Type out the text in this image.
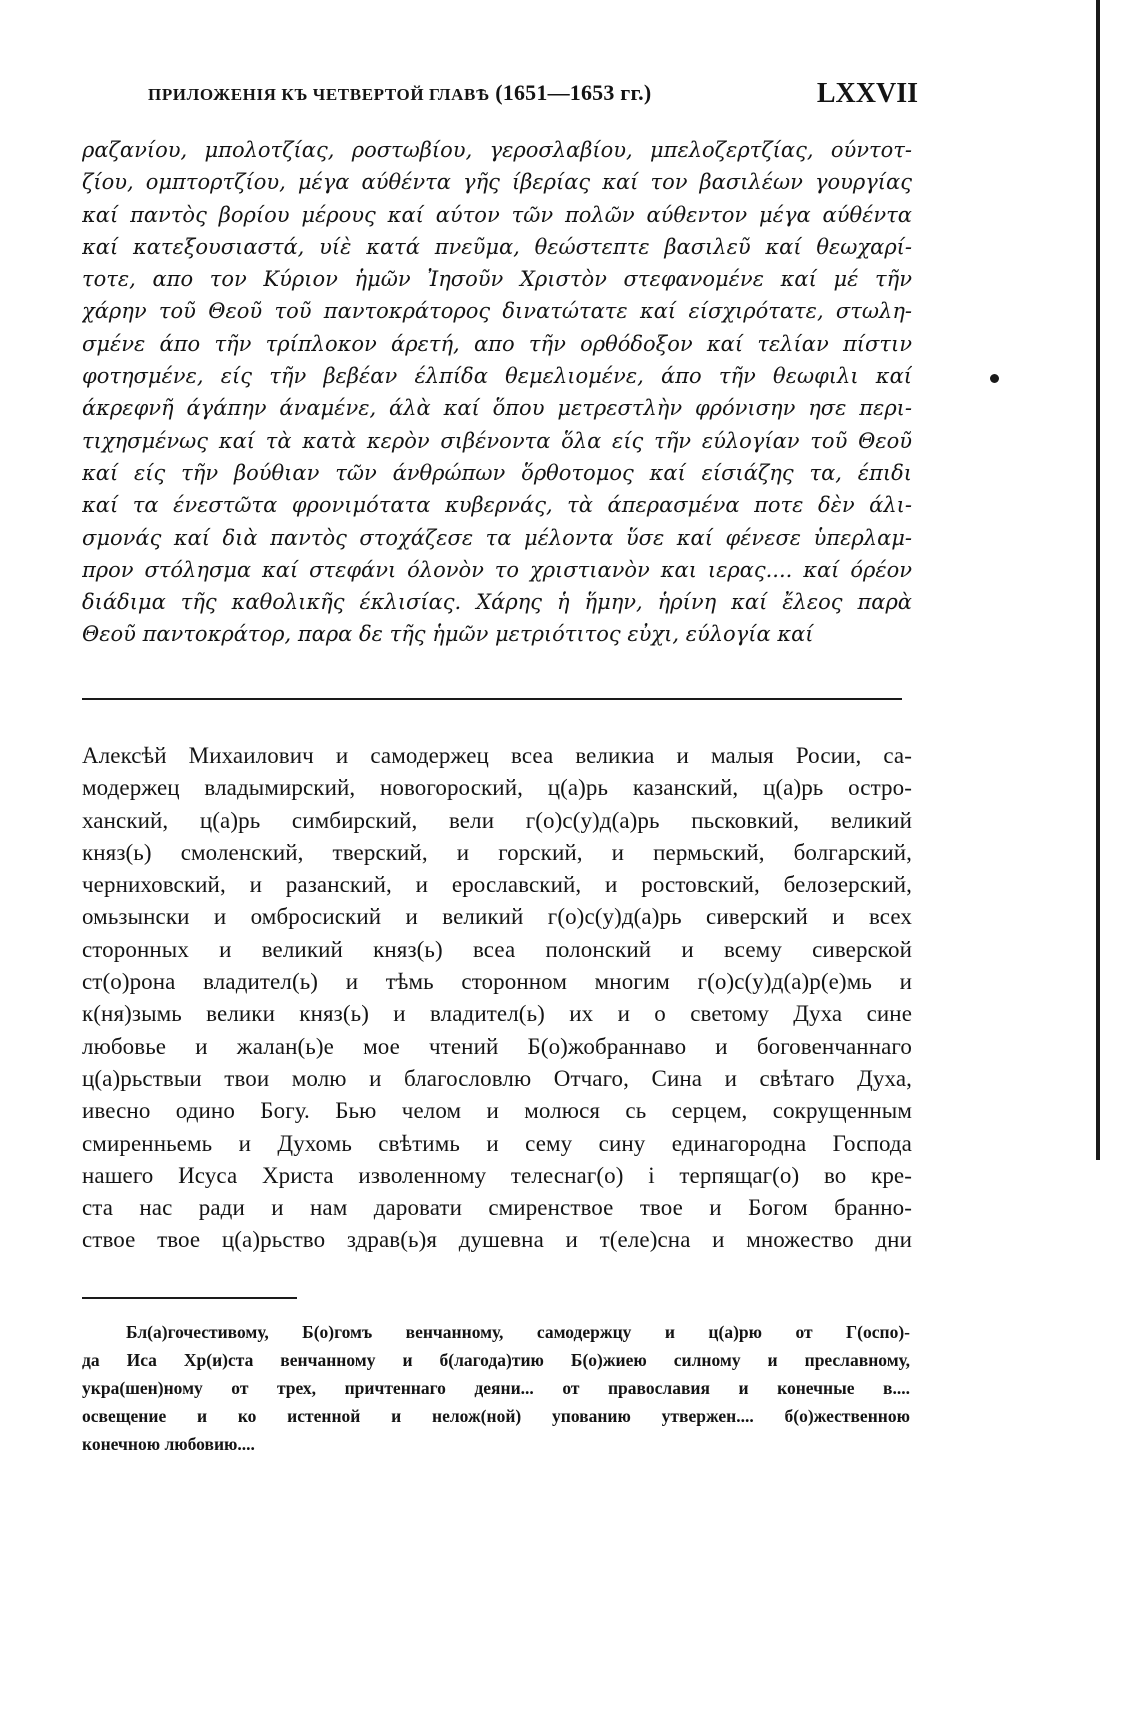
ПРИЛОЖЕНІЯ КЪ ЧЕТВЕРТОЙ ГЛАВѢ (1651—1653 гг.)	LXXVII
ραζανίου, μπολοτζίας, ροστωβίου, γεροσλαβίου, μπελοζερτζίας, ούντοτ-
ζίου, ομπτορτζίου, μέγα αύθέντα γῆς ίβερίας καί τον βασιλέων γουργίας
καί παντὸς βορίου μέρους καί αύτον τῶν πολῶν αύθεντον μέγα αύθέντα
καί κατεξουσιαστά, υίὲ κατά πνεῦμα, θεώστεπτε βασιλεῦ καί θεωχαρί-
τοτε, απο τον Κύριον ἡμῶν Ἰησοῦν Χριστὸν στεφανομένε καί μέ τῆν
χάρην τοῦ Θεοῦ τοῦ παντοκράτορος δινατώτατε καί είσχιρότατε, στωλη-
σμένε άπο τῆν τρίπλοκον άρετή, απο τῆν ορθόδοξον καί τελίαν πίστιν
φοτησμένε, είς τῆν βεβέαν έλπίδα θεμελιομένε, άπο τῆν θεωφιλι καί
άκρεφνῆ άγάπην άναμένε, άλὰ καί ὅπου μετρεστλὴν φρόνισην ησε περι-
τιχησμένως καί τὰ κατὰ κερὸν σιβένοντα ὅλα είς τῆν εύλογίαν τοῦ Θεοῦ
καί είς τῆν βούθιαν τῶν άνθρώπων ὅρθοτομος καί είσιάζης τα, έπιδι
καί τα ένεστῶτα φρονιμότατα κυβερνάς, τὰ άπερασμένα ποτε δὲν άλι-
σμονάς καί διὰ παντὸς στοχάζεσε τα μέλοντα ὕσε καί φένεσε ὑπερλαμ-
προν στόλησμα καί στεφάνι όλονὸν το χριστιανὸν και ιερας.... καί όρέον
διάδιμα τῆς καθολικῆς έκλισίας. Χάρης ἡ ἥμην, ἡρίνη καί ἔλεος παρὰ
Θεοῦ παντοκράτορ, παρα δε τῆς ἡμῶν μετριότιτος εὐχι, εύλογία καί
Алексѣй Михаилович и самодержец всеа великиа и малыя Росии, са-
модержец владымирский, новогороский, ц(а)рь казанский, ц(а)рь остро-
ханский, ц(а)рь симбирский, вели г(о)с(у)д(а)рь пьсковкий, великий
княз(ь) смоленский, тверский, и горский, и пермьский, болгарский,
черниховский, и разанский, и ерославский, и ростовский, белозерский,
омьзынски и омбросиский и великий г(о)с(у)д(а)рь сиверский и всех
сторонных и великий княз(ь) всеа полонский и всему сиверской
ст(о)рона владител(ь) и тѣмь сторонном многим г(о)с(у)д(а)р(е)мь и
к(ня)зымь велики княз(ь) и владител(ь) их и о светому Духа сине
любовье и жалан(ь)е мое чтений Б(о)жобраннаво и боговенчаннаго
ц(а)рьствыи твои молю и благословлю Отчаго, Сина и свѣтаго Духа,
ивесно одино Богу. Бью челом и молюся сь серцем, сокрущенным
смиренньемь и Духомь свѣтимь и сему сину единагородна Господа
нашего Исуса Христа изволенному телеснаг(о) і терпящаг(о) во кре-
ста нас ради и нам даровати смиренствое твое и Богом бранно-
ствое твое ц(а)рьство здрав(ь)я душевна и т(еле)сна и множество дни
Бл(а)гочестивому, Б(о)гомъ венчанному, самодержцу и ц(а)рю от Г(оспо)-
да Иса Хр(и)ста венчанному и б(лагода)тию Б(о)жиею силному и преславному,
укра(шен)ному от трех, причтеннаго деяни... от православия и конечные в....
освещение и ко истенной и нелож(ной) упованию утвержен.... б(о)жественною
конечною любовию....
